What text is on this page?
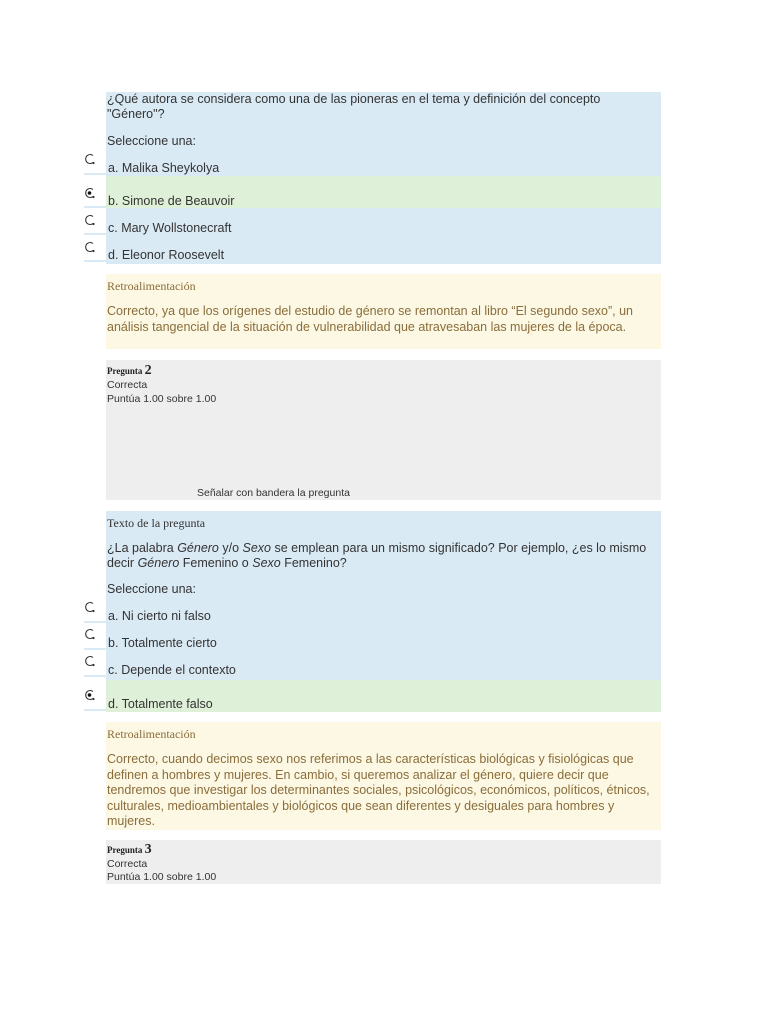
¿Qué autora se considera como una de las pioneras en el tema y definición del concepto "Género"?
Seleccione una:
a. Malika Sheykolya
b. Simone de Beauvoir
c. Mary Wollstonecraft
d. Eleonor Roosevelt
Retroalimentación
Correcto, ya que los orígenes del estudio de género se remontan al libro “El segundo sexo”, un análisis tangencial de la situación de vulnerabilidad que atravesaban las mujeres de la época.
Pregunta 2
Correcta
Puntúa 1.00 sobre 1.00
Señalar con bandera la pregunta
Texto de la pregunta
¿La palabra Género y/o Sexo se emplean para un mismo significado? Por ejemplo, ¿es lo mismo decir Género Femenino o Sexo Femenino?
Seleccione una:
a. Ni cierto ni falso
b. Totalmente cierto
c. Depende el contexto
d. Totalmente falso
Retroalimentación
Correcto, cuando decimos sexo nos referimos a las características biológicas y fisiológicas que definen a hombres y mujeres. En cambio, si queremos analizar el género, quiere decir que tendremos que investigar los determinantes sociales, psicológicos, económicos, políticos, étnicos, culturales, medioambientales y biológicos que sean diferentes y desiguales para hombres y mujeres.
Pregunta 3
Correcta
Puntúa 1.00 sobre 1.00
